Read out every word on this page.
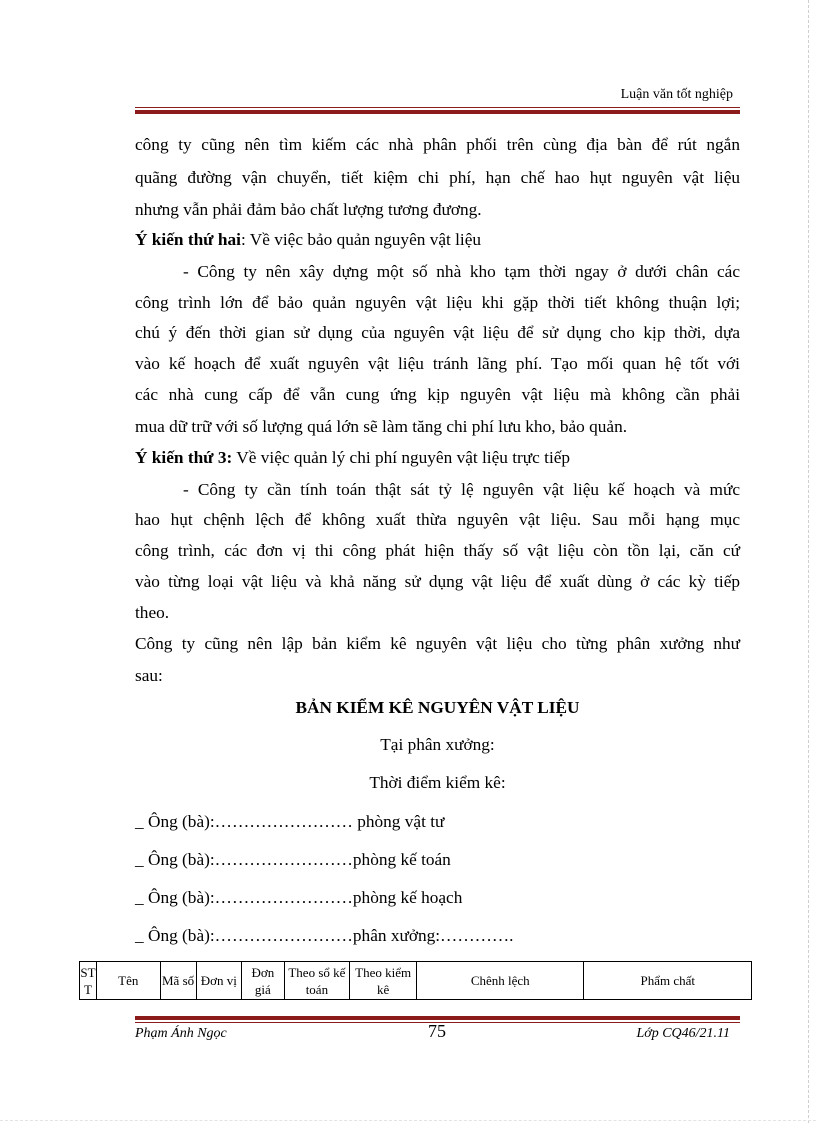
Luận văn tốt nghiệp
công ty cũng nên tìm kiếm các nhà phân phối trên cùng địa bàn để rút ngắn
quãng đường vận chuyển, tiết kiệm chi phí, hạn chế hao hụt nguyên vật liệu
nhưng vẫn phải đảm bảo chất lượng tương đương.
Ý kiến thứ hai: Về việc bảo quản nguyên vật liệu
- Công ty nên xây dựng một số nhà kho tạm thời ngay ở dưới chân các
công trình lớn để bảo quản nguyên vật liệu khi gặp thời tiết không thuận lợi;
chú ý đến thời gian sử dụng của nguyên vật liệu để sử dụng cho kịp thời, dựa
vào kế hoạch để xuất nguyên vật liệu tránh lãng phí. Tạo mối quan hệ tốt với
các nhà cung cấp để vẫn cung ứng kịp nguyên vật liệu mà không cần phải
mua dữ trữ với số lượng quá lớn sẽ làm tăng chi phí lưu kho, bảo quản.
Ý kiến thứ 3: Về việc quản lý chi phí nguyên vật liệu trực tiếp
- Công ty cần tính toán thật sát tỷ lệ nguyên vật liệu kế hoạch và mức
hao hụt chệnh lệch để không xuất thừa nguyên vật liệu. Sau mỗi hạng mục
công trình, các đơn vị thi công phát hiện thấy số vật liệu còn tồn lại, căn cứ
vào từng loại vật liệu và khả năng sử dụng vật liệu để xuất dùng ở các kỳ tiếp
theo.
Công ty cũng nên lập bản kiểm kê nguyên vật liệu cho từng phân xưởng như
sau:
BẢN KIỂM KÊ NGUYÊN VẬT LIỆU
Tại phân xưởng:
Thời điểm kiểm kê:
_ Ông (bà):…………………… phòng vật tư
_ Ông (bà):……………………phòng kế toán
_ Ông (bà):……………………phòng kế hoạch
_ Ông (bà):……………………phân xưởng:………….
ST T	Tên	Mã số	Đơn vị	Đơn giá	Theo sổ kế toán	Theo kiểm kê	Chênh lệch	Phẩm chất
Phạm Ánh Ngọc	75	Lớp CQ46/21.11
